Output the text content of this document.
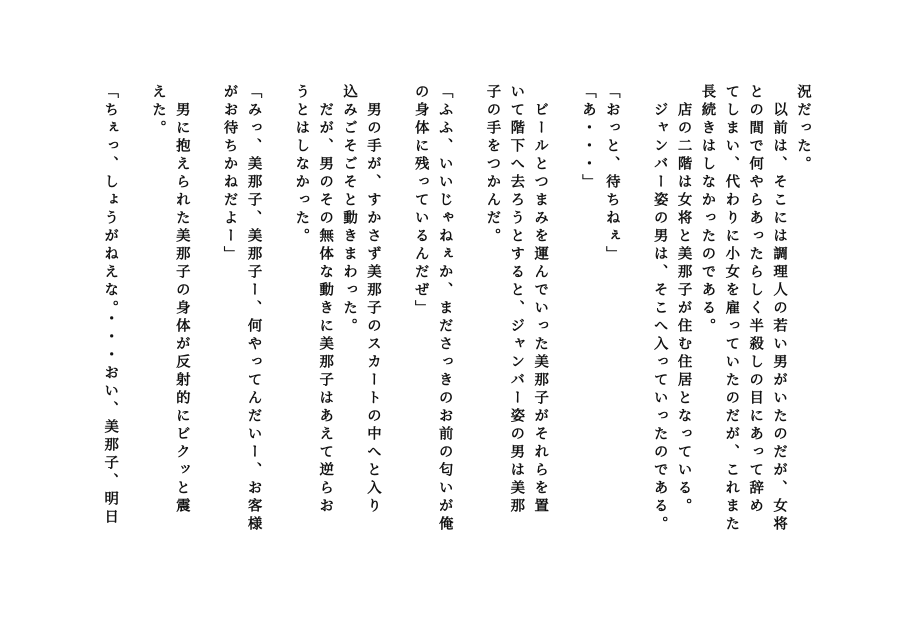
況だった。
　以前は、そこには調理人の若い男がいたのだが、女将
との間で何やらあったらしく半殺しの目にあって辞め
てしまい、代わりに小女を雇っていたのだが、これまた
長続きはしなかったのである。
　店の二階は女将と美那子が住む住居となっている。
　ジャンバー姿の男は、そこへ入っていったのである。
「おっと、待ちねぇ」
「あ・・・」
　ビールとつまみを運んでいった美那子がそれらを置
いて階下へ去ろうとすると、ジャンバー姿の男は美那
子の手をつかんだ。
「ふふ、いいじゃねぇか、まださっきのお前の匂いが俺
の身体に残っているんだぜ」
　男の手が、すかさず美那子のスカートの中へと入り
込みごそごそと動きまわった。
　だが、男のその無体な動きに美那子はあえて逆らお
うとはしなかった。
「みっ、美那子、美那子ー、何やってんだいー、お客様
がお待ちかねだよー」
　男に抱えられた美那子の身体が反射的にビクッと震
えた。
「ちぇっ、しょうがねえな。・・・おい、美那子、明日
